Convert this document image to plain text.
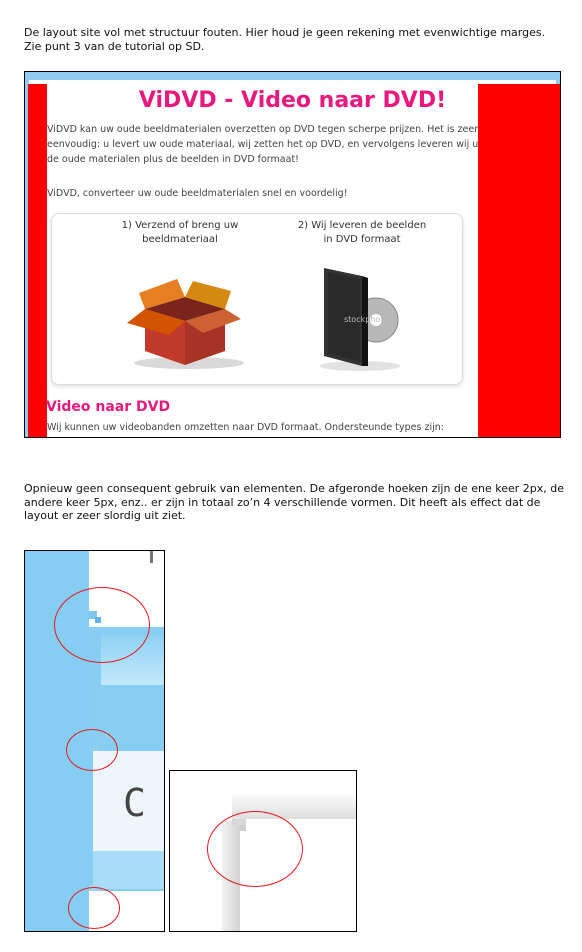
De layout site vol met structuur fouten. Hier houd je geen rekening met evenwichtige marges. Zie punt 3 van de tutorial op SD.

ViDVD - Video naar DVD!

ViDVD kan uw oude beeldmaterialen overzetten op DVD tegen scherpe prijzen. Het is zeer eenvoudig: u levert uw oude materiaal, wij zetten het op DVD, en vervolgens leveren wij u de oude materialen plus de beelden in DVD formaat!

ViDVD, converteer uw oude beeldmaterialen snel en voordelig!

1) Verzend of breng uw beeldmateriaal
2) Wij leveren de beelden in DVD formaat
stockphoto
Video naar DVD

Wij kunnen uw videobanden omzetten naar DVD formaat. Ondersteunde types zijn:

Opnieuw geen consequent gebruik van elementen. De afgeronde hoeken zijn de ene keer 2px, de andere keer 5px, enz.. er zijn in totaal zo’n 4 verschillende vormen. Dit heeft als effect dat de layout er zeer slordig uit ziet.

C
